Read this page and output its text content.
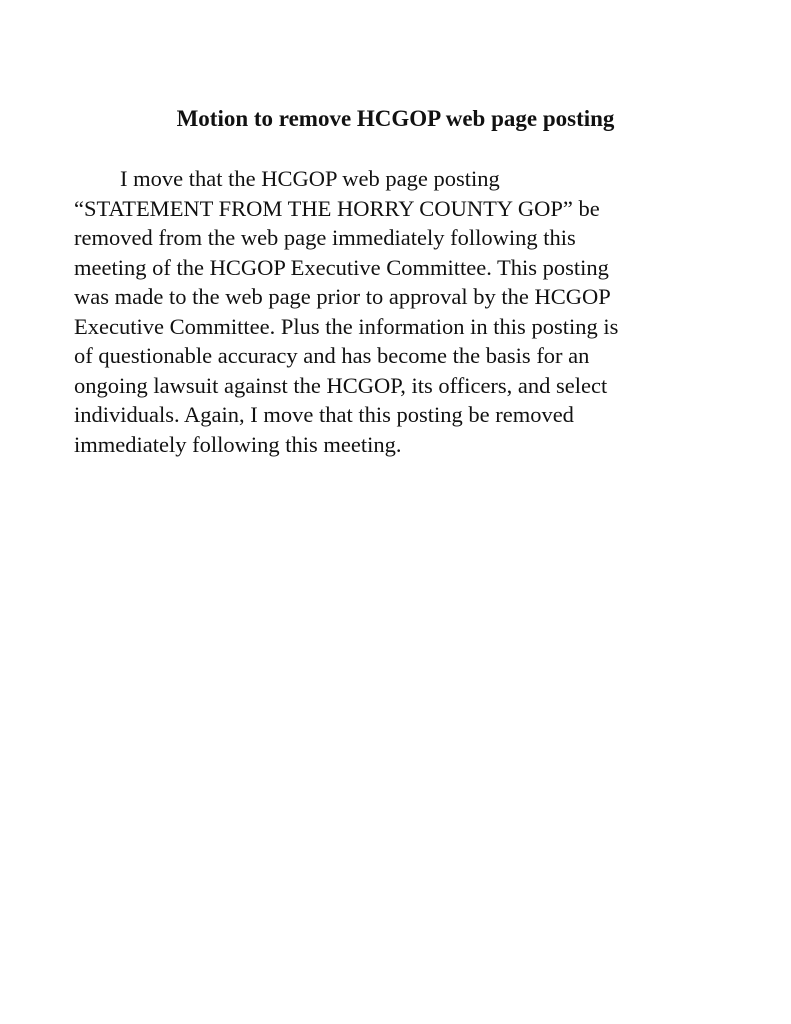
Motion to remove HCGOP web page posting

I move that the HCGOP web page posting
“STATEMENT FROM THE HORRY COUNTY GOP” be
removed from the web page immediately following this
meeting of the HCGOP Executive Committee. This posting
was made to the web page prior to approval by the HCGOP
Executive Committee. Plus the information in this posting is
of questionable accuracy and has become the basis for an
ongoing lawsuit against the HCGOP, its officers, and select
individuals. Again, I move that this posting be removed
immediately following this meeting.
